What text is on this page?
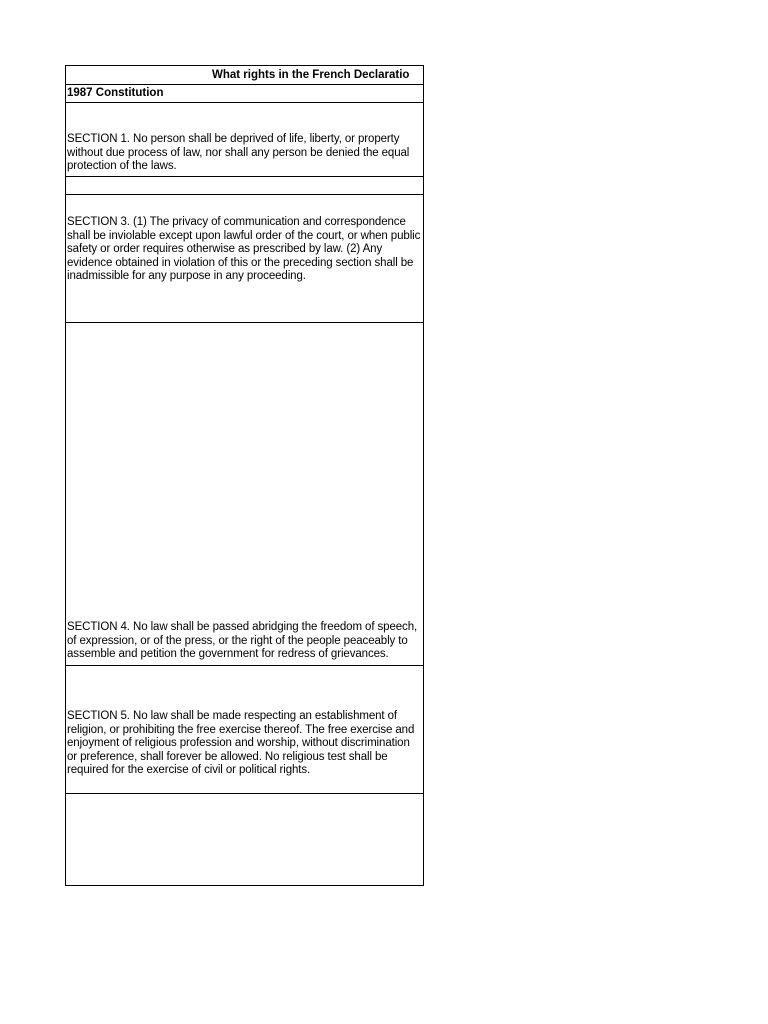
What rights in the French Declaratio
1987 Constitution
SECTION 1. No person shall be deprived of life, liberty, or property without due process of law, nor shall any person be denied the equal protection of the laws.
SECTION 3. (1) The privacy of communication and correspondence shall be inviolable except upon lawful order of the court, or when public safety or order requires otherwise as prescribed by law. (2) Any evidence obtained in violation of this or the preceding section shall be inadmissible for any purpose in any proceeding.
SECTION 4. No law shall be passed abridging the freedom of speech, of expression, or of the press, or the right of the people peaceably to assemble and petition the government for redress of grievances.
SECTION 5. No law shall be made respecting an establishment of religion, or prohibiting the free exercise thereof. The free exercise and enjoyment of religious profession and worship, without discrimination or preference, shall forever be allowed. No religious test shall be required for the exercise of civil or political rights.
